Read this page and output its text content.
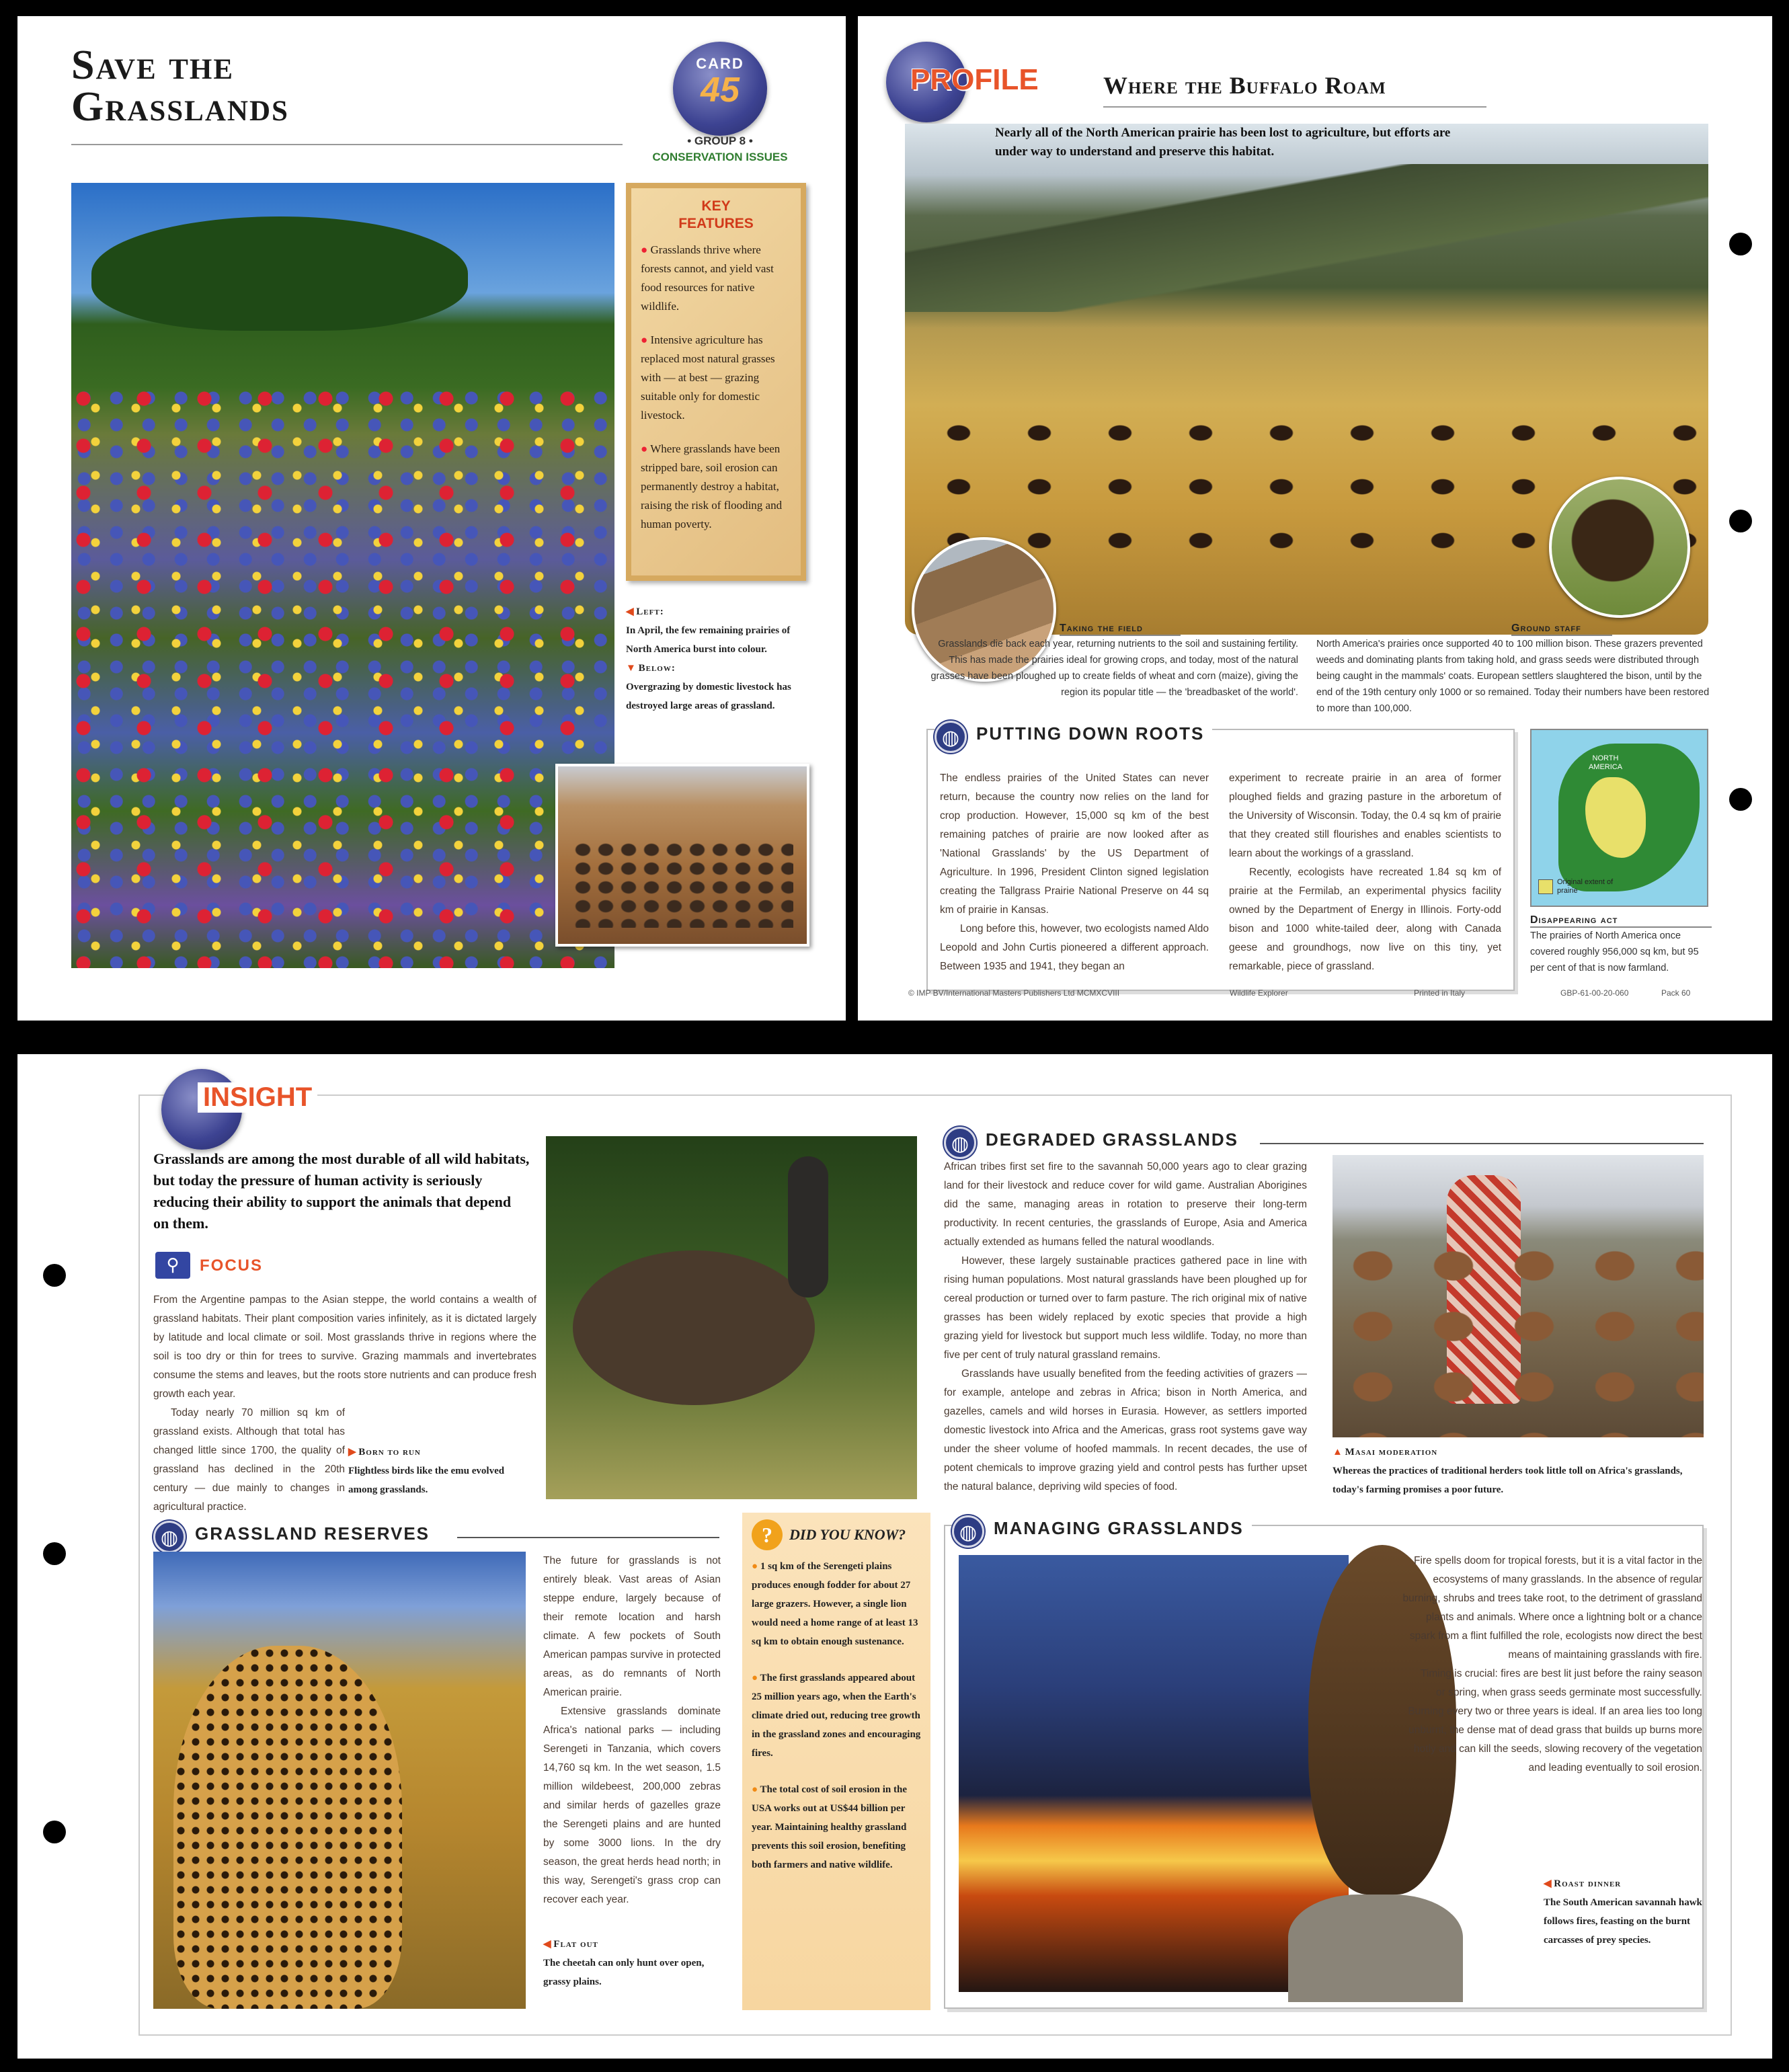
Save the
Grasslands
CARD
45
• GROUP 8 •
CONSERVATION ISSUES
KEY
FEATURES
● Grasslands thrive where forests cannot, and yield vast food resources for native wildlife.
● Intensive agriculture has replaced most natural grasses with — at best — grazing suitable only for domestic livestock.
● Where grasslands have been stripped bare, soil erosion can permanently destroy a habitat, raising the risk of flooding and human poverty.
◀ Left:
In April, the few remaining prairies of North America burst into colour.
▼ Below:
Overgrazing by domestic livestock has destroyed large areas of grassland.
PROFILE	Where the Buffalo Roam
Nearly all of the North American prairie has been lost to agriculture, but efforts are under way to understand and preserve this habitat.
Taking the field
Grasslands die back each year, returning nutrients to the soil and sustaining fertility. This has made the prairies ideal for growing crops, and today, most of the natural grasses have been ploughed up to create fields of wheat and corn (maize), giving the region its popular title — the 'breadbasket of the world'.
Ground staff
North America's prairies once supported 40 to 100 million bison. These grazers prevented weeds and dominating plants from taking hold, and grass seeds were distributed through being caught in the mammals' coats. European settlers slaughtered the bison, until by the end of the 19th century only 1000 or so remained. Today their numbers have been restored to more than 100,000.
◍ PUTTING DOWN ROOTS

The endless prairies of the United States can never return, because the country now relies on the land for crop production. However, 15,000 sq km of the best remaining patches of prairie are now looked after as 'National Grasslands' by the US Department of Agriculture. In 1996, President Clinton signed legislation creating the Tallgrass Prairie National Preserve on 44 sq km of prairie in Kansas.

Long before this, however, two ecologists named Aldo Leopold and John Curtis pioneered a different approach. Between 1935 and 1941, they began an

experiment to recreate prairie in an area of former ploughed fields and grazing pasture in the arboretum of the University of Wisconsin. Today, the 0.4 sq km of prairie that they created still flourishes and enables scientists to learn about the workings of a grassland.

Recently, ecologists have recreated 1.84 sq km of prairie at the Fermilab, an experimental physics facility owned by the Department of Energy in Illinois. Forty-odd bison and 1000 white-tailed deer, along with Canada geese and groundhogs, now live on this tiny, yet remarkable, piece of grassland.

NORTH AMERICA
Original extent of prairie
Disappearing act
The prairies of North America once covered roughly 956,000 sq km, but 95 per cent of that is now farmland.
© IMP BV/International Masters Publishers Ltd MCMXCVIII	Wildlife Explorer	Printed in Italy	GBP-61-00-20-060	Pack 60
INSIGHT
Grasslands are among the most durable of all wild habitats, but today the pressure of human activity is seriously reducing their ability to support the animals that depend on them.
⚲ FOCUS

From the Argentine pampas to the Asian steppe, the world contains a wealth of grassland habitats. Their plant composition varies infinitely, as it is dictated largely by latitude and local climate or soil. Most grasslands thrive in regions where the soil is too dry or thin for trees to survive. Grazing mammals and invertebrates consume the stems and leaves, but the roots store nutrients and can produce fresh growth each year.

Today nearly 70 million sq km of grassland exists. Although that total has changed little since 1700, the quality of grassland has declined in the 20th century — due mainly to changes in agricultural practice.

▶ Born to run
Flightless birds like the emu evolved among grasslands.
◍ DEGRADED GRASSLANDS

African tribes first set fire to the savannah 50,000 years ago to clear grazing land for their livestock and reduce cover for wild game. Australian Aborigines did the same, managing areas in rotation to preserve their long-term productivity. In recent centuries, the grasslands of Europe, Asia and America actually extended as humans felled the natural woodlands.

However, these largely sustainable practices gathered pace in line with rising human populations. Most natural grasslands have been ploughed up for cereal production or turned over to farm pasture. The rich original mix of native grasses has been widely replaced by exotic species that provide a high grazing yield for livestock but support much less wildlife. Today, no more than five per cent of truly natural grassland remains.

Grasslands have usually benefited from the feeding activities of grazers — for example, antelope and zebras in Africa; bison in North America, and gazelles, camels and wild horses in Eurasia. However, as settlers imported domestic livestock into Africa and the Americas, grass root systems gave way under the sheer volume of hoofed mammals. In recent decades, the use of potent chemicals to improve grazing yield and control pests has further upset the natural balance, depriving wild species of food.

▲ Masai moderation
Whereas the practices of traditional herders took little toll on Africa's grasslands, today's farming promises a poor future.
◍ GRASSLAND RESERVES

The future for grasslands is not entirely bleak. Vast areas of Asian steppe endure, largely because of their remote location and harsh climate. A few pockets of South American pampas survive in protected areas, as do remnants of North American prairie.

Extensive grasslands dominate Africa's national parks — including Serengeti in Tanzania, which covers 14,760 sq km. In the wet season, 1.5 million wildebeest, 200,000 zebras and similar herds of gazelles graze the Serengeti plains and are hunted by some 3000 lions. In the dry season, the great herds head north; in this way, Serengeti's grass crop can recover each year.

◀ Flat out
The cheetah can only hunt over open, grassy plains.
? DID YOU KNOW?
● 1 sq km of the Serengeti plains produces enough fodder for about 27 large grazers. However, a single lion would need a home range of at least 13 sq km to obtain enough sustenance.
● The first grasslands appeared about 25 million years ago, when the Earth's climate dried out, reducing tree growth in the grassland zones and encouraging fires.
● The total cost of soil erosion in the USA works out at US$44 billion per year. Maintaining healthy grassland prevents this soil erosion, benefiting both farmers and native wildlife.
◍ MANAGING GRASSLANDS

Fire spells doom for tropical forests, but it is a vital factor in the ecosystems of many grasslands. In the absence of regular burning, shrubs and trees take root, to the detriment of grassland plants and animals. Where once a lightning bolt or a chance spark from a flint fulfilled the role, ecologists now direct the best means of maintaining grasslands with fire.

Timing is crucial: fires are best lit just before the rainy season or spring, when grass seeds germinate most successfully. Burning every two or three years is ideal. If an area lies too long unburnt, the dense mat of dead grass that builds up burns more hotly and can kill the seeds, slowing recovery of the vegetation and leading eventually to soil erosion.

◀ Roast dinner
The South American savannah hawk follows fires, feasting on the burnt carcasses of prey species.
